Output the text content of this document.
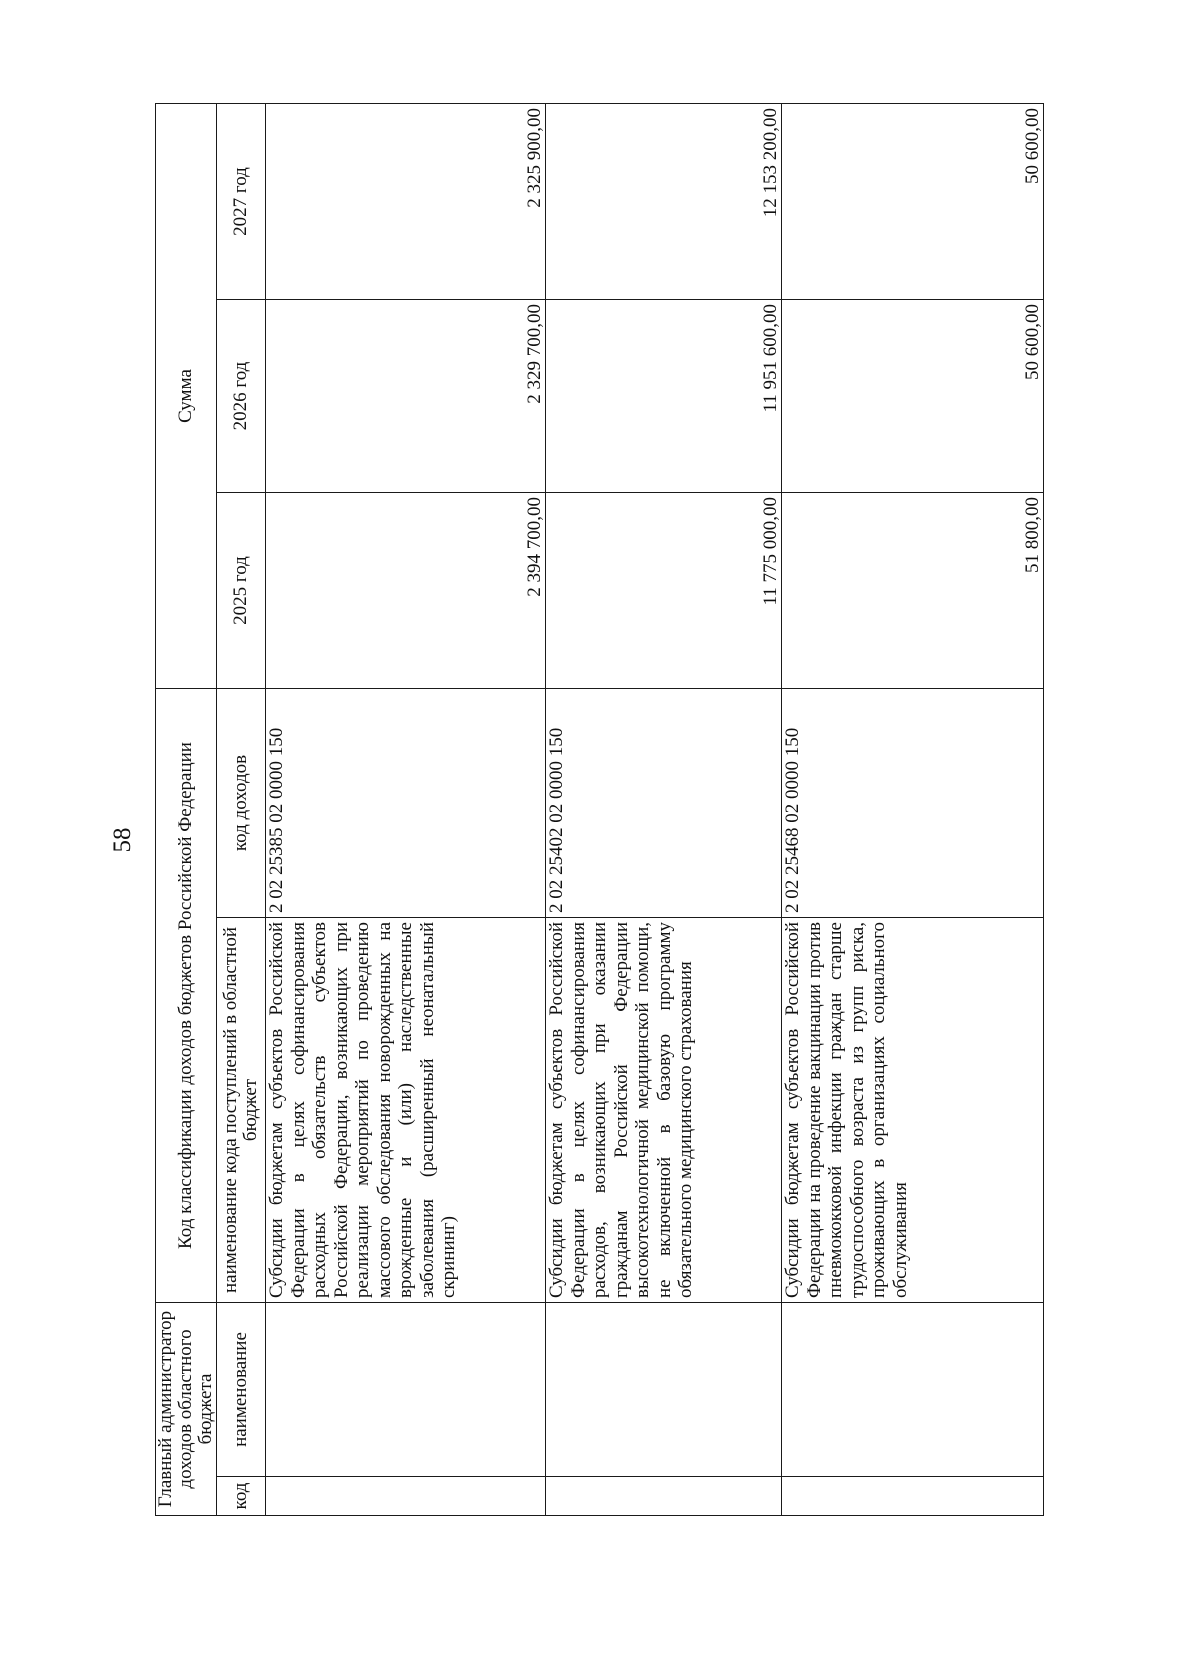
58
Главный администратор доходов областного бюджета		Код классификации доходов бюджетов Российской Федерации		Сумма		
код	наименование	наименование кода поступлений в областной бюджет	код доходов	2025 год	2026 год	2027 год
		Субсидии бюджетам субъектов Российской Федерации в целях софинансирования расходных обязательств субъектов Российской Федерации, возникающих при реализации мероприятий по проведению массового обследования новорожденных на врожденные и (или) наследственные заболевания (расширенный неонатальный скрининг)	2 02 25385 02 0000 150	2 394 700,00	2 329 700,00	2 325 900,00
		Субсидии бюджетам субъектов Российской Федерации в целях софинансирования расходов, возникающих при оказании гражданам Российской Федерации высокотехнологичной медицинской помощи, не включенной в базовую программу обязательного медицинского страхования	2 02 25402 02 0000 150	11 775 000,00	11 951 600,00	12 153 200,00
		Субсидии бюджетам субъектов Российской Федерации на проведение вакцинации против пневмококковой инфекции граждан старше трудоспособного возраста из групп риска, проживающих в организациях социального обслуживания	2 02 25468 02 0000 150	51 800,00	50 600,00	50 600,00
